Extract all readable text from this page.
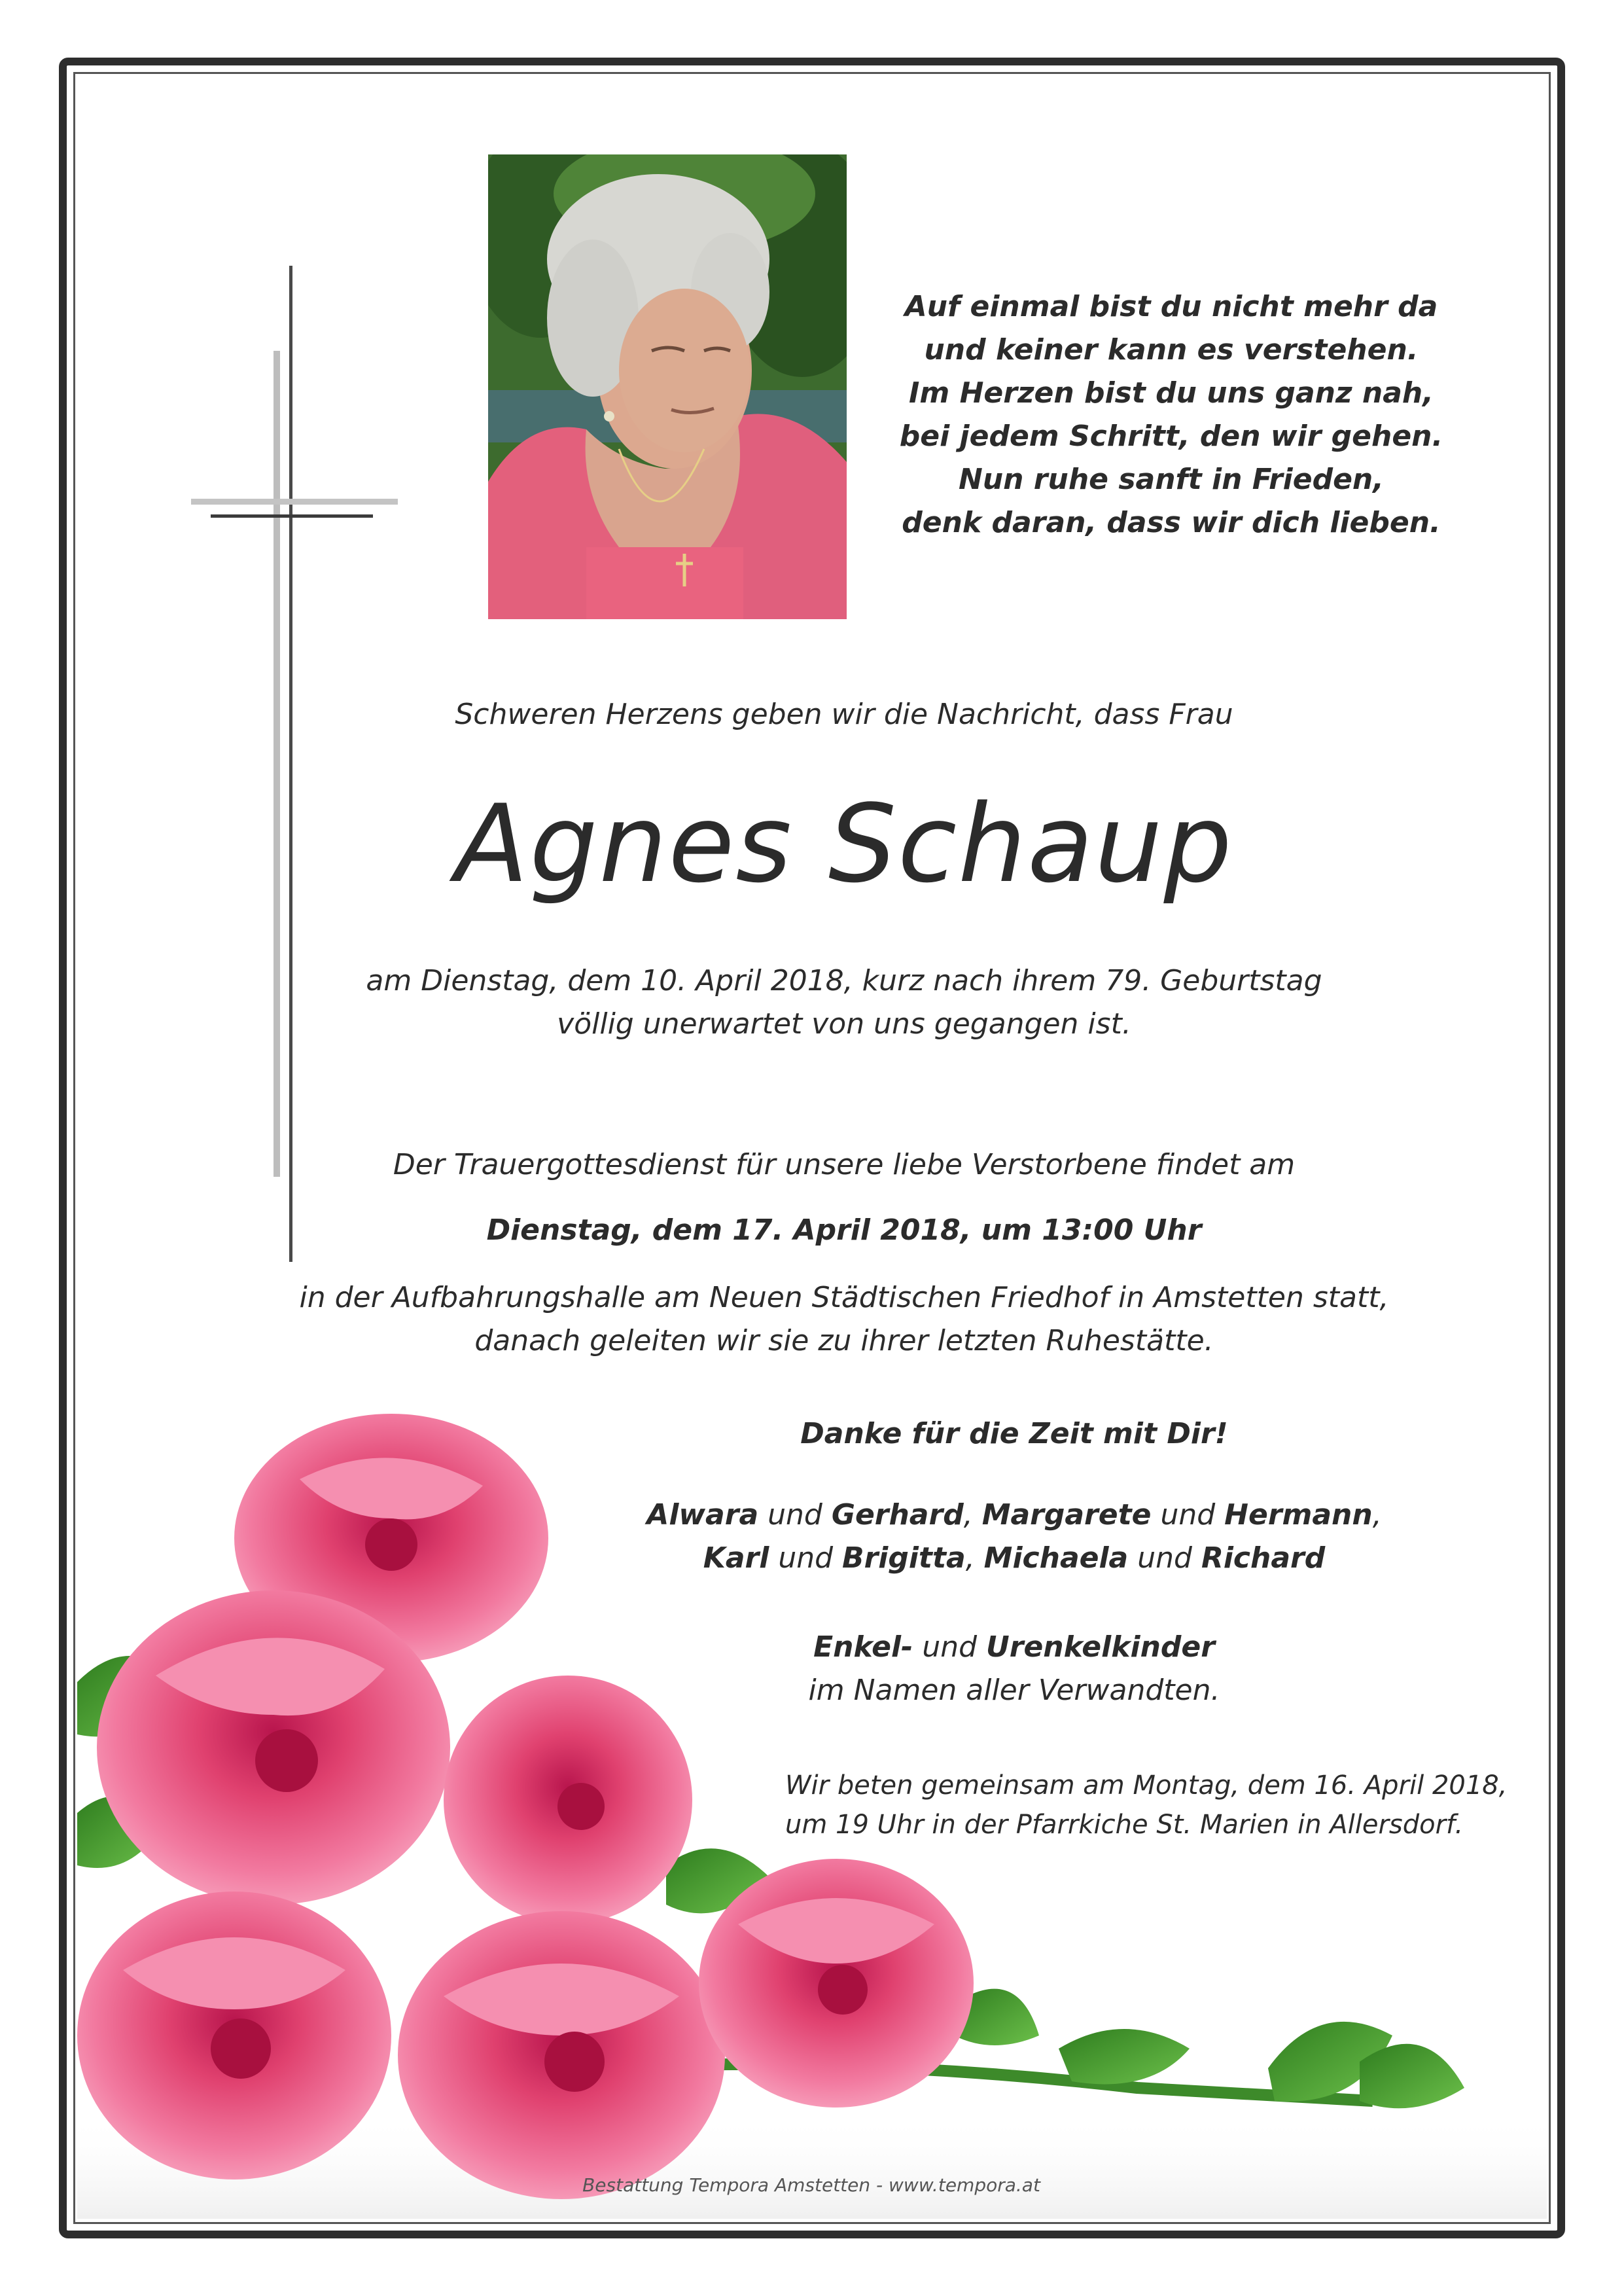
Auf einmal bist du nicht mehr da
und keiner kann es verstehen.
Im Herzen bist du uns ganz nah,
bei jedem Schritt, den wir gehen.
Nun ruhe sanft in Frieden,
denk daran, dass wir dich lieben.
Schweren Herzens geben wir die Nachricht, dass Frau
Agnes Schaup
am Dienstag, dem 10. April 2018, kurz nach ihrem 79. Geburtstag
völlig unerwartet von uns gegangen ist.
Der Trauergottesdienst für unsere liebe Verstorbene findet am
Dienstag, dem 17. April 2018, um 13:00 Uhr
in der Aufbahrungshalle am Neuen Städtischen Friedhof in Amstetten statt,
danach geleiten wir sie zu ihrer letzten Ruhestätte.
Danke für die Zeit mit Dir!
Alwara und Gerhard, Margarete und Hermann,
Karl und Brigitta, Michaela und Richard
Enkel- und Urenkelkinder
im Namen aller Verwandten.
Wir beten gemeinsam am Montag, dem 16. April 2018,
um 19 Uhr in der Pfarrkiche St. Marien in Allersdorf.
Bestattung Tempora Amstetten - www.tempora.at
